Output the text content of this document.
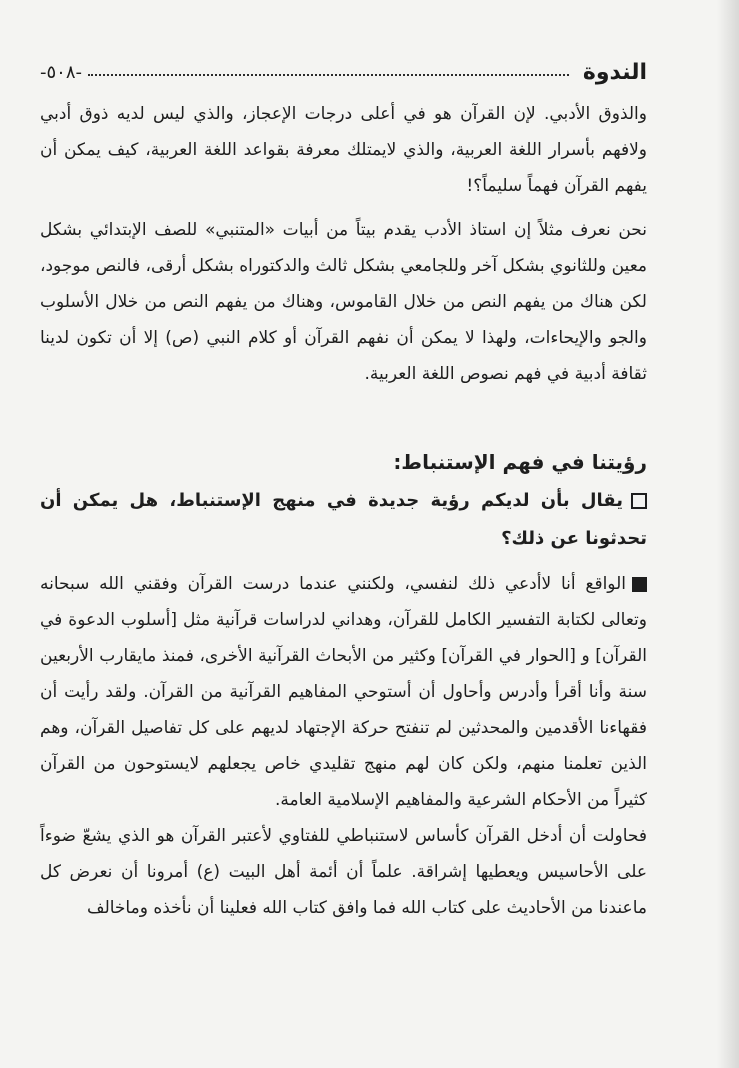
الندوة
-٥٠٨-

والذوق الأدبي. لإن القرآن هو في أعلى درجات الإعجاز، والذي ليس لديه ذوق أدبي ولافهم بأسرار اللغة العربية، والذي لايمتلك معرفة بقواعد اللغة العربية، كيف يمكن أن يفهم القرآن فهماً سليماً؟!

نحن نعرف مثلاً إن استاذ الأدب يقدم بيتاً من أبيات «المتنبي» للصف الإبتدائي بشكل معين وللثانوي بشكل آخر وللجامعي بشكل ثالث والدكتوراه بشكل أرقى، فالنص موجود، لكن هناك من يفهم النص من خلال القاموس، وهناك من يفهم النص من خلال الأسلوب والجو والإيحاءات، ولهذا لا يمكن أن نفهم القرآن أو كلام النبي (ص) إلا أن تكون لدينا ثقافة أدبية في فهم نصوص اللغة العربية.

رؤيتنا في فهم الإستنباط:

يقال بأن لديكم رؤية جديدة في منهج الإستنباط، هل يمكن أن تحدثونا عن ذلك؟

الواقع أنا لاأدعي ذلك لنفسي، ولكنني عندما درست القرآن وفقني الله سبحانه وتعالى لكتابة التفسير الكامل للقرآن، وهداني لدراسات قرآنية مثل [أسلوب الدعوة في القرآن] و [الحوار في القرآن] وكثير من الأبحاث القرآنية الأخرى، فمنذ مايقارب الأربعين سنة وأنا أقرأ وأدرس وأحاول أن أستوحي المفاهيم القرآنية من القرآن. ولقد رأيت أن فقهاءنا الأقدمين والمحدثين لم تنفتح حركة الإجتهاد لديهم على كل تفاصيل القرآن، وهم الذين تعلمنا منهم، ولكن كان لهم منهج تقليدي خاص يجعلهم لايستوحون من القرآن كثيراً من الأحكام الشرعية والمفاهيم الإسلامية العامة.

فحاولت أن أدخل القرآن كأساس لاستنباطي للفتاوي لأعتبر القرآن هو الذي يشعّ ضوءاً على الأحاسيس ويعطيها إشراقة. علماً أن أئمة أهل البيت (ع) أمرونا أن نعرض كل ماعندنا من الأحاديث على كتاب الله فما وافق كتاب الله فعلينا أن نأخذه وماخالف
